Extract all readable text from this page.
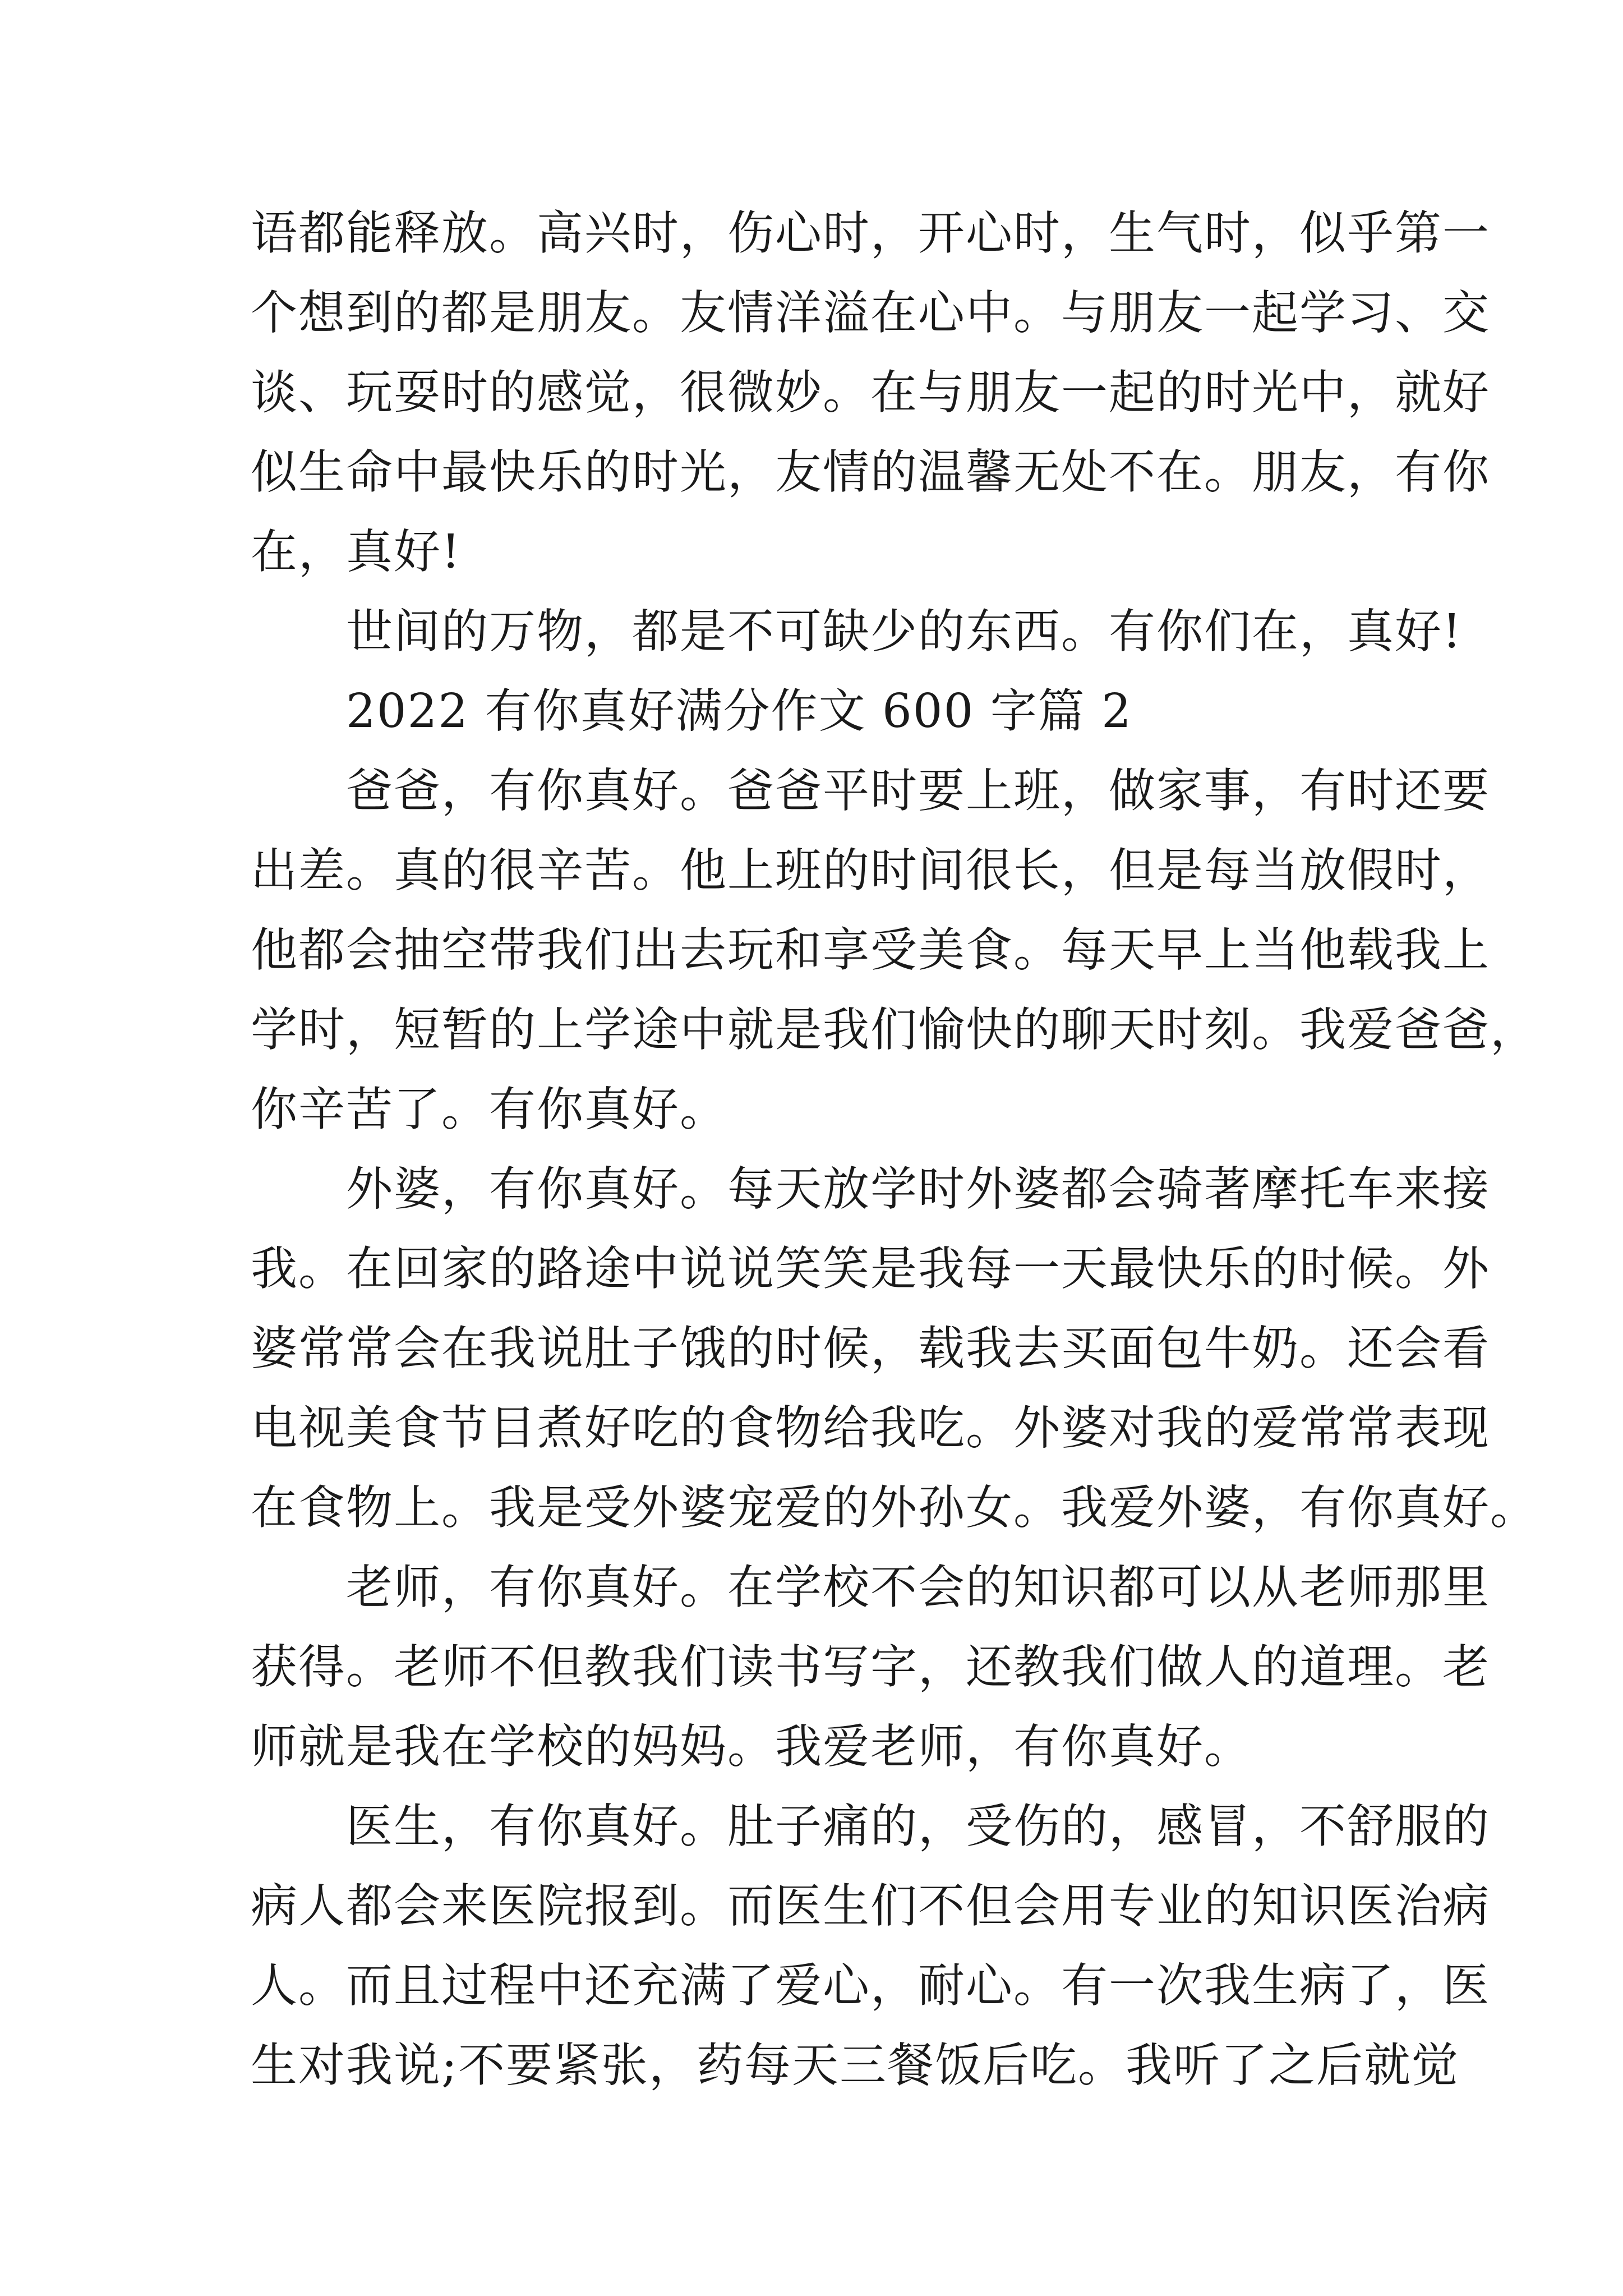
语都能释放。高兴时，伤心时，开心时，生气时，似乎第一
个想到的都是朋友。友情洋溢在心中。与朋友一起学习、交
谈、玩耍时的感觉，很微妙。在与朋友一起的时光中，就好
似生命中最快乐的时光，友情的温馨无处不在。朋友，有你
在，真好!
　　世间的万物，都是不可缺少的东西。有你们在，真好!
　　2022 有你真好满分作文 600 字篇 2
　　爸爸，有你真好。爸爸平时要上班，做家事，有时还要
出差。真的很辛苦。他上班的时间很长，但是每当放假时，
他都会抽空带我们出去玩和享受美食。每天早上当他载我上
学时，短暂的上学途中就是我们愉快的聊天时刻。我爱爸爸，
你辛苦了。有你真好。
　　外婆，有你真好。每天放学时外婆都会骑著摩托车来接
我。在回家的路途中说说笑笑是我每一天最快乐的时候。外
婆常常会在我说肚子饿的时候，载我去买面包牛奶。还会看
电视美食节目煮好吃的食物给我吃。外婆对我的爱常常表现
在食物上。我是受外婆宠爱的外孙女。我爱外婆，有你真好。
　　老师，有你真好。在学校不会的知识都可以从老师那里
获得。老师不但教我们读书写字，还教我们做人的道理。老
师就是我在学校的妈妈。我爱老师，有你真好。
　　医生，有你真好。肚子痛的，受伤的，感冒，不舒服的
病人都会来医院报到。而医生们不但会用专业的知识医治病
人。而且过程中还充满了爱心，耐心。有一次我生病了，医
生对我说;不要紧张，药每天三餐饭后吃。我听了之后就觉
